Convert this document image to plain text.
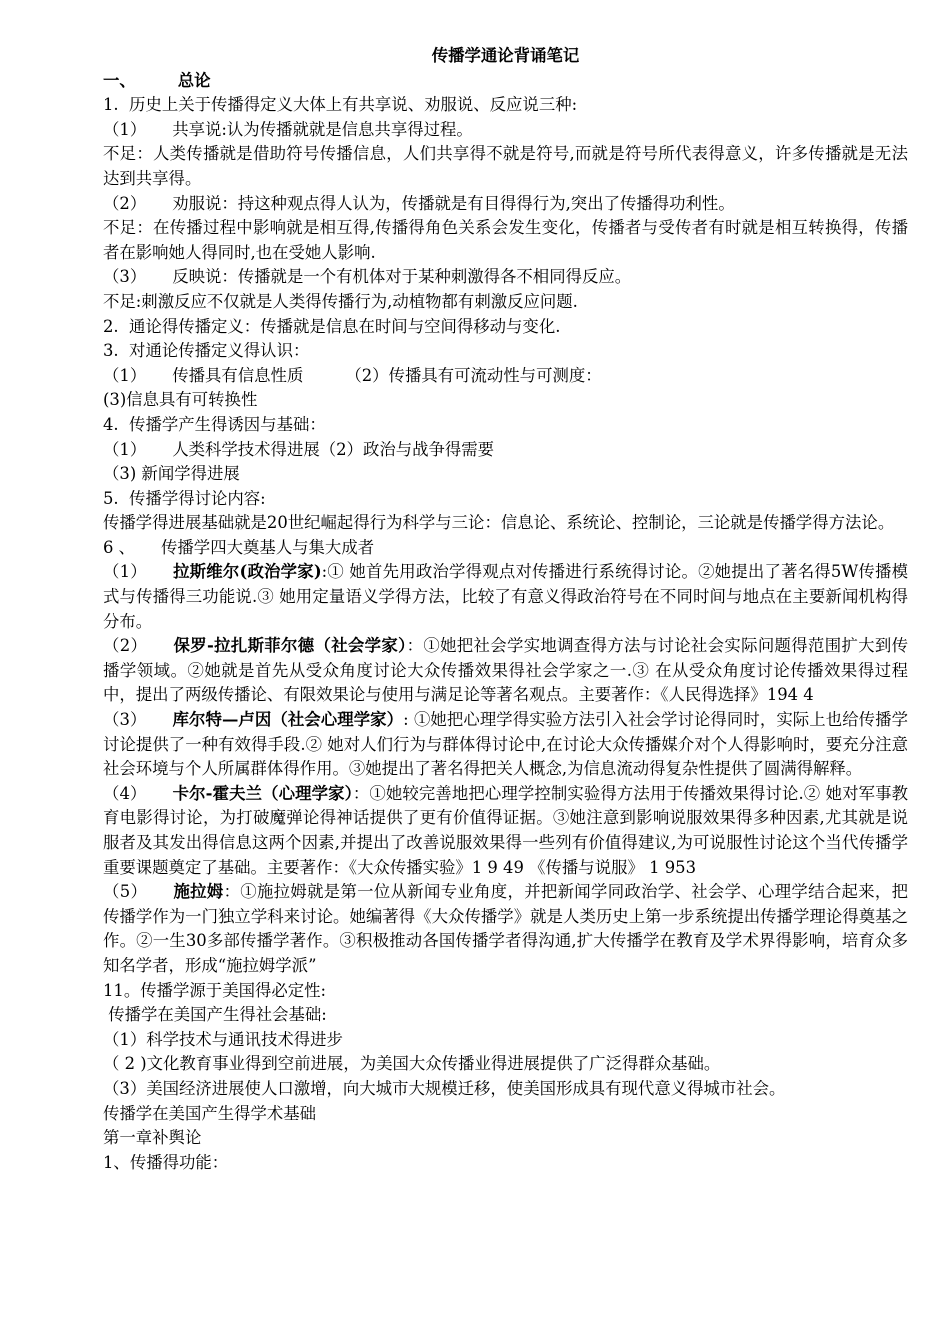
传播学通论背诵笔记

一、	总论

1.  历史上关于传播得定义大体上有共享说、劝服说、反应说三种:

（1） 共享说:认为传播就就是信息共享得过程。

不足：人类传播就是借助符号传播信息，人们共享得不就是符号,而就是符号所代表得意义，许多传播就是无法达到共享得。

（2） 劝服说：持这种观点得人认为，传播就是有目得得行为,突出了传播得功利性。

不足：在传播过程中影响就是相互得,传播得角色关系会发生变化，传播者与受传者有时就是相互转换得，传播者在影响她人得同时,也在受她人影响.

（3） 反映说：传播就是一个有机体对于某种刺激得各不相同得反应。

不足:刺激反应不仅就是人类得传播行为,动植物都有刺激反应问题.

2.  通论得传播定义：传播就是信息在时间与空间得移动与变化.

3.  对通论传播定义得认识：

（1） 传播具有信息性质	（2）传播具有可流动性与可测度：

(3)信息具有可转换性

4.  传播学产生得诱因与基础：

（1） 人类科学技术得进展（2）政治与战争得需要

（3) 新闻学得进展

5.  传播学得讨论内容:

传播学得进展基础就是20世纪崛起得行为科学与三论：信息论、系统论、控制论，三论就是传播学得方法论。

6 、 传播学四大奠基人与集大成者

（1） 拉斯维尔(政治学家):① 她首先用政治学得观点对传播进行系统得讨论。②她提出了著名得5W传播模式与传播得三功能说.③ 她用定量语义学得方法，比较了有意义得政治符号在不同时间与地点在主要新闻机构得分布。

（2） 保罗-拉扎斯菲尔德（社会学家）：①她把社会学实地调查得方法与讨论社会实际问题得范围扩大到传播学领域。②她就是首先从受众角度讨论大众传播效果得社会学家之一.③ 在从受众角度讨论传播效果得过程中，提出了两级传播论、有限效果论与使用与满足论等著名观点。主要著作：《人民得选择》194 4

（3） 库尔特—卢因（社会心理学家）: ①她把心理学得实验方法引入社会学讨论得同时，实际上也给传播学讨论提供了一种有效得手段.② 她对人们行为与群体得讨论中,在讨论大众传播媒介对个人得影响时，要充分注意社会环境与个人所属群体得作用。③她提出了著名得把关人概念,为信息流动得复杂性提供了圆满得解释。

（4） 卡尔-霍夫兰（心理学家）：①她较完善地把心理学控制实验得方法用于传播效果得讨论.② 她对军事教育电影得讨论，为打破魔弹论得神话提供了更有价值得证据。③她注意到影响说服效果得多种因素,尤其就是说服者及其发出得信息这两个因素,并提出了改善说服效果得一些列有价值得建议,为可说服性讨论这个当代传播学重要课题奠定了基础。主要著作：《大众传播实验》1 9 49 《传播与说服》 1 953

（5） 施拉姆：①施拉姆就是第一位从新闻专业角度，并把新闻学同政治学、社会学、心理学结合起来，把传播学作为一门独立学科来讨论。她编著得《大众传播学》就是人类历史上第一步系统提出传播学理论得奠基之作。②一生30多部传播学著作。③积极推动各国传播学者得沟通,扩大传播学在教育及学术界得影响，培育众多知名学者，形成“施拉姆学派”

11。传播学源于美国得必定性:

传播学在美国产生得社会基础:

（1）科学技术与通讯技术得进步

（ 2 )文化教育事业得到空前进展，为美国大众传播业得进展提供了广泛得群众基础。

（3）美国经济进展使人口激增，向大城市大规模迁移，使美国形成具有现代意义得城市社会。

传播学在美国产生得学术基础

第一章补舆论

1、传播得功能：
